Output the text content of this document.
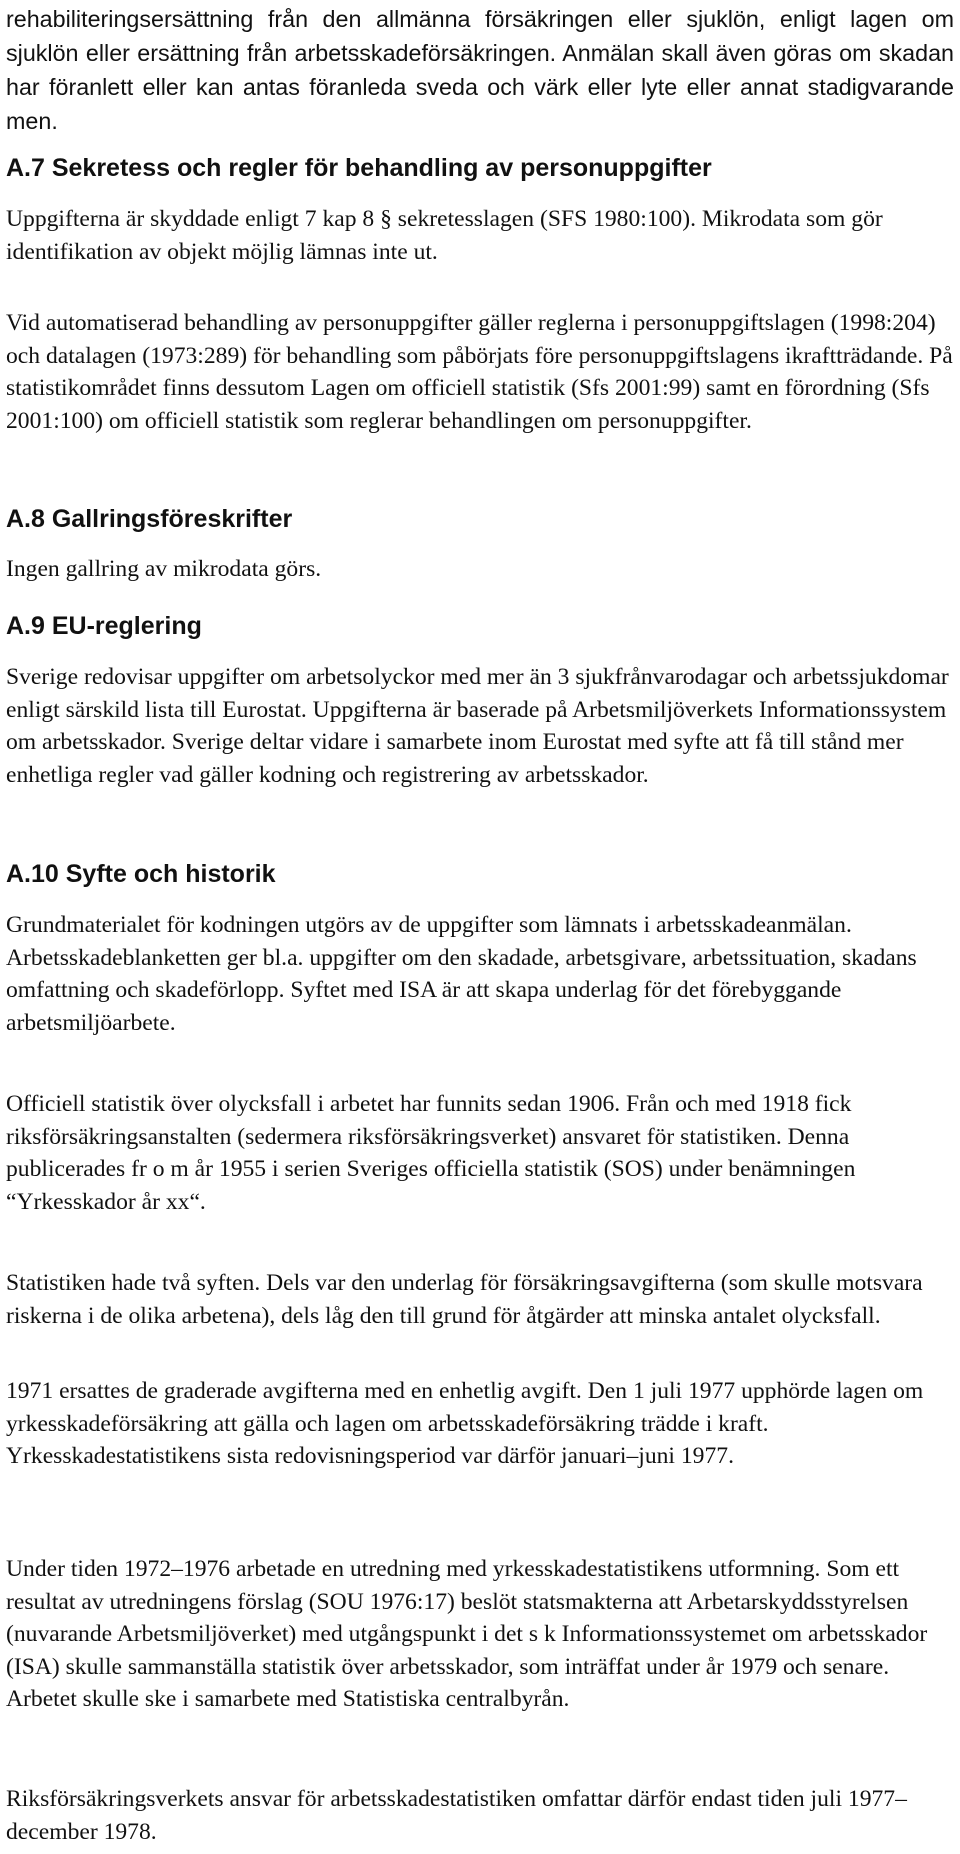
rehabiliteringsersättning från den allmänna försäkringen eller sjuklön, enligt lagen om sjuklön eller ersättning från arbetsskadeförsäkringen. Anmälan skall även göras om skadan har föranlett eller kan antas föranleda sveda och värk eller lyte eller annat stadigvarande men.

A.7 Sekretess och regler för behandling av personuppgifter

Uppgifterna är skyddade enligt 7 kap 8 § sekretesslagen (SFS 1980:100). Mikrodata som gör identifikation av objekt möjlig lämnas inte ut.

Vid automatiserad behandling av personuppgifter gäller reglerna i personuppgiftslagen (1998:204) och datalagen (1973:289) för behandling som påbörjats före personuppgiftslagens ikraftträdande. På statistikområdet finns dessutom Lagen om officiell statistik (Sfs 2001:99) samt en förordning (Sfs 2001:100) om officiell statistik som reglerar behandlingen om personuppgifter.

A.8 Gallringsföreskrifter

Ingen gallring av mikrodata görs.

A.9 EU-reglering

Sverige redovisar uppgifter om arbetsolyckor med mer än 3 sjukfrånvarodagar och arbetssjukdomar enligt särskild lista till Eurostat. Uppgifterna är baserade på Arbetsmiljöverkets Informationssystem om arbetsskador. Sverige deltar vidare i samarbete inom Eurostat med syfte att få till stånd mer enhetliga regler vad gäller kodning och registrering av arbetsskador.

A.10 Syfte och historik

Grundmaterialet för kodningen utgörs av de uppgifter som lämnats i arbetsskadeanmälan. Arbetsskadeblanketten ger bl.a. uppgifter om den skadade, arbetsgivare, arbetssituation, skadans omfattning och skadeförlopp. Syftet med ISA är att skapa underlag för det förebyggande arbetsmiljöarbete.

Officiell statistik över olycksfall i arbetet har funnits sedan 1906. Från och med 1918 fick riksförsäkringsanstalten (sedermera riksförsäkringsverket) ansvaret för statistiken. Denna publicerades fr o m år 1955 i serien Sveriges officiella statistik (SOS) under benämningen “Yrkesskador år xx“.

Statistiken hade två syften. Dels var den underlag för försäkringsavgifterna (som skulle motsvara riskerna i de olika arbetena), dels låg den till grund för åtgärder att minska antalet olycksfall.

1971 ersattes de graderade avgifterna med en enhetlig avgift. Den 1 juli 1977 upphörde lagen om yrkesskadeförsäkring att gälla och lagen om arbetsskadeförsäkring trädde i kraft. Yrkesskadestatistikens sista redovisningsperiod var därför januari–juni 1977.

Under tiden 1972–1976 arbetade en utredning med yrkesskadestatistikens utformning. Som ett resultat av utredningens förslag (SOU 1976:17) beslöt statsmakterna att Arbetarskyddsstyrelsen (nuvarande Arbetsmiljöverket) med utgångspunkt i det s k Informationssystemet om arbetsskador (ISA) skulle sammanställa statistik över arbetsskador, som inträffat under år 1979 och senare. Arbetet skulle ske i samarbete med Statistiska centralbyrån.

Riksförsäkringsverkets ansvar för arbetsskadestatistiken omfattar därför endast tiden juli 1977–december 1978.
